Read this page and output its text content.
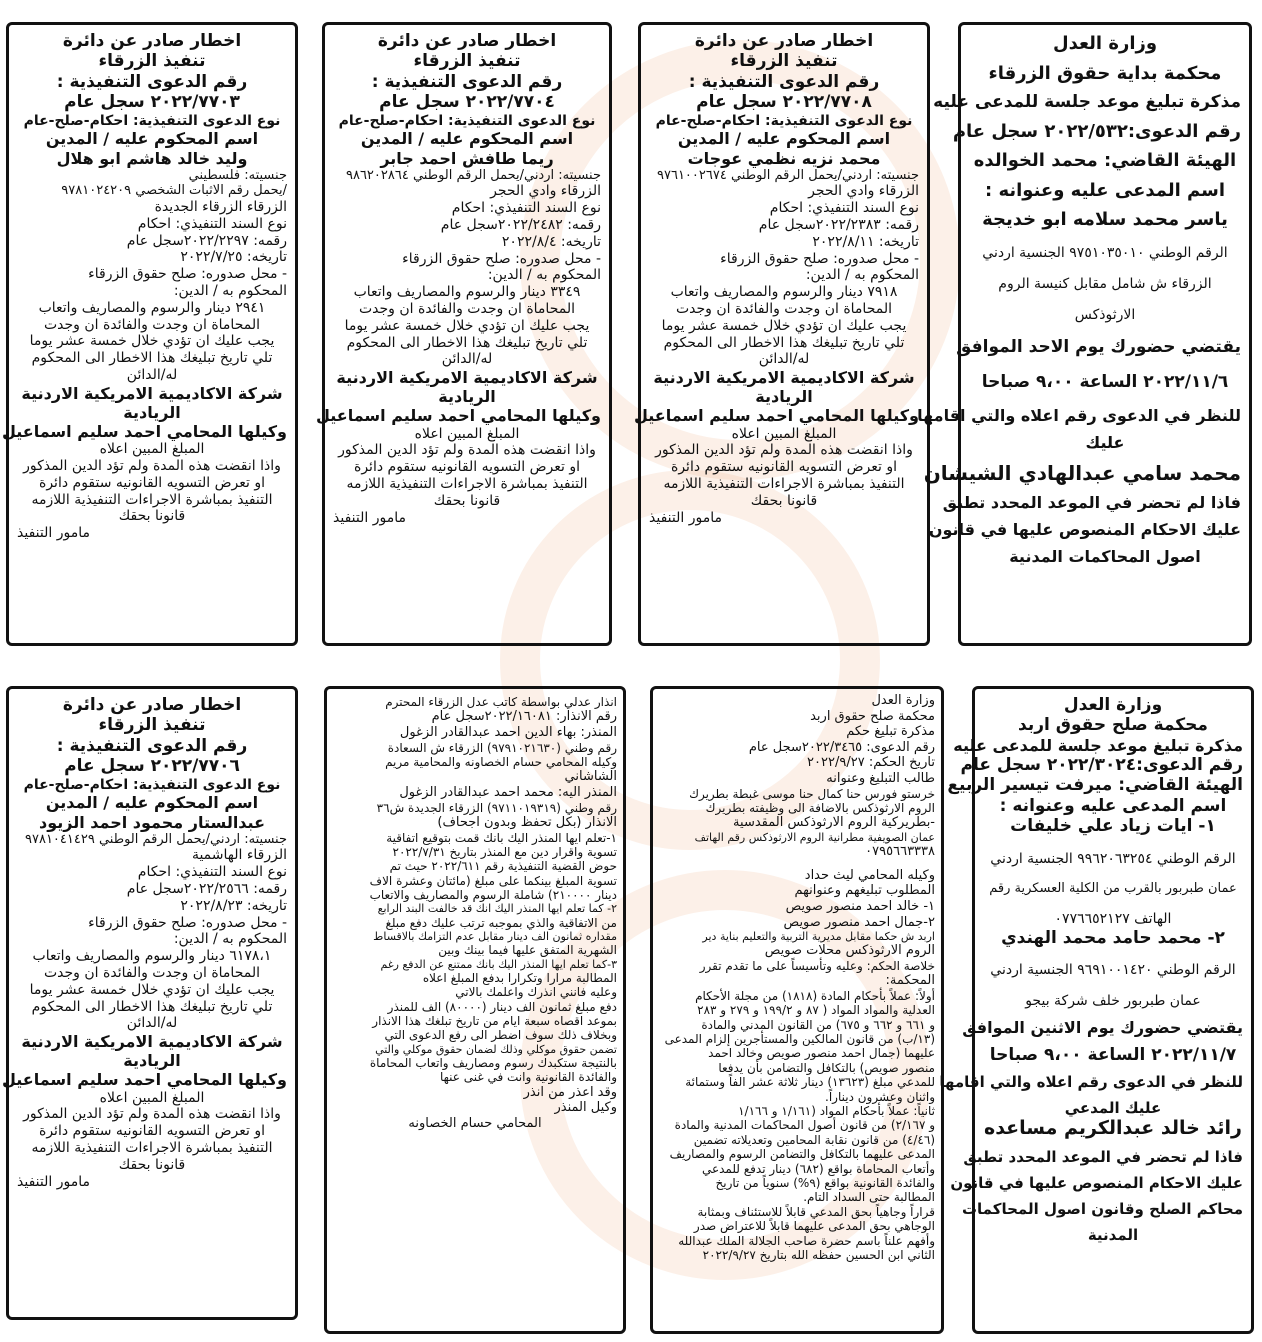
وزارة العدل
محكمة بداية حقوق الزرقاء
مذكرة تبليغ موعد جلسة للمدعى عليه
رقم الدعوى:٢٠٢٢/٥٣٢ سجل عام
الهيئة القاضي: محمد الخوالده
اسم المدعى عليه وعنوانه :
ياسر محمد سلامه ابو خديجة
الرقم الوطني ٩٧٥١٠٣٥٠١٠ الجنسية اردني
الزرقاء ش شامل مقابل كنيسة الروم
الارثوذكس
يقتضي حضورك يوم الاحد الموافق
٢٠٢٢/١١/٦ الساعة ٩،٠٠ صباحا
للنظر في الدعوى رقم اعلاه والتي اقامها
عليك
محمد سامي عبدالهادي الشيشان
فاذا لم تحضر في الموعد المحدد تطبق
عليك الاحكام المنصوص عليها في قانون
اصول المحاكمات المدنية
اخطار صادر عن دائرة
تنفيذ الزرقاء
رقم الدعوى التنفيذية :
٢٠٢٢/٧٧٠٨ سجل عام
نوع الدعوى التنفيذية: احكام-صلح-عام
اسم المحكوم عليه / المدين
محمد نزيه نظمي عوجات
جنسيته: اردني/يحمل الرقم الوطني ٩٧٦١٠٠٢٦٧٤
الزرقاء وادي الحجر
نوع السند التنفيذي: احكام
رقمه: ٢٠٢٢/٢٣٨٣سجل عام
تاريخه: ٢٠٢٢/٨/١١
- محل صدوره: صلح حقوق الزرقاء
المحكوم به / الدين:
٧٩١٨ دينار والرسوم والمصاريف واتعاب
المحاماة ان وجدت والفائدة ان وجدت
يجب عليك ان تؤدي خلال خمسة عشر يوما
تلي تاريخ تبليغك هذا الاخطار الى المحكوم
له/الدائن
شركة الاكاديمية الامريكية الاردنية
الريادية
وكيلها المحامي احمد سليم اسماعيل
المبلغ المبين اعلاه
واذا انقضت هذه المدة ولم تؤد الدين المذكور
او تعرض التسويه القانونيه ستقوم دائرة
التنفيذ بمباشرة الاجراءات التنفيذية اللازمه
قانونا بحقك
مامور التنفيذ
اخطار صادر عن دائرة
تنفيذ الزرقاء
رقم الدعوى التنفيذية :
٢٠٢٢/٧٧٠٤ سجل عام
نوع الدعوى التنفيذية: احكام-صلح-عام
اسم المحكوم عليه / المدين
ريما طافش احمد جابر
جنسيته: اردني/يحمل الرقم الوطني ٩٨٦٢٠٢٨٦٤
الزرقاء وادي الحجر
نوع السند التنفيذي: احكام
رقمه: ٢٠٢٢/٢٤٨٢سجل عام
تاريخه: ٢٠٢٢/٨/٤
- محل صدوره: صلح حقوق الزرقاء
المحكوم به / الدين:
٣٣٤٩ دينار والرسوم والمصاريف واتعاب
المحاماة ان وجدت والفائدة ان وجدت
يجب عليك ان تؤدي خلال خمسة عشر يوما
تلي تاريخ تبليغك هذا الاخطار الى المحكوم
له/الدائن
شركة الاكاديمية الامريكية الاردنية
الريادية
وكيلها المحامي احمد سليم اسماعيل
المبلغ المبين اعلاه
واذا انقضت هذه المدة ولم تؤد الدين المذكور
او تعرض التسويه القانونيه ستقوم دائرة
التنفيذ بمباشرة الاجراءات التنفيذية اللازمه
قانونا بحقك
مامور التنفيذ
اخطار صادر عن دائرة
تنفيذ الزرقاء
رقم الدعوى التنفيذية :
٢٠٢٢/٧٧٠٣ سجل عام
نوع الدعوى التنفيذية: احكام-صلح-عام
اسم المحكوم عليه / المدين
وليد خالد هاشم ابو هلال
جنسيته: فلسطيني
/يحمل رقم الاثبات الشخصي ٩٧٨١٠٢٤٢٠٩
الزرقاء الزرقاء الجديدة
نوع السند التنفيذي: احكام
رقمه: ٢٠٢٢/٢٢٩٧سجل عام
تاريخه: ٢٠٢٢/٧/٢٥
- محل صدوره: صلح حقوق الزرقاء
المحكوم به / الدين:
٢٩٤١ دينار والرسوم والمصاريف واتعاب
المحاماة ان وجدت والفائدة ان وجدت
يجب عليك ان تؤدي خلال خمسة عشر يوما
تلي تاريخ تبليغك هذا الاخطار الى المحكوم
له/الدائن
شركة الاكاديمية الامريكية الاردنية
الريادية
وكيلها المحامي احمد سليم اسماعيل
المبلغ المبين اعلاه
واذا انقضت هذه المدة ولم تؤد الدين المذكور
او تعرض التسويه القانونيه ستقوم دائرة
التنفيذ بمباشرة الاجراءات التنفيذية اللازمه
قانونا بحقك
مامور التنفيذ
وزارة العدل
محكمة صلح حقوق اربد
مذكرة تبليغ موعد جلسة للمدعى عليه
رقم الدعوى:٢٠٢٢/٣٠٢٤ سجل عام
الهيئة القاضي: ميرفت تيسير الربيع
اسم المدعى عليه وعنوانه :
١- ايات زياد علي خليفات
الرقم الوطني ٩٩٦٢٠٦٣٢٥٤ الجنسية اردني
عمان طبربور بالقرب من الكلية العسكرية رقم
الهاتف ٠٧٧٦٦٥٢١٢٧
٢- محمد حامد محمد الهندي
الرقم الوطني ٩٦٩١٠٠١٤٢٠ الجنسية اردني
عمان طبربور خلف شركة بيجو
يقتضي حضورك يوم الاثنين الموافق
٢٠٢٢/١١/٧ الساعة ٩،٠٠ صباحا
للنظر في الدعوى رقم اعلاه والتي اقامها
عليك المدعي
رائد خالد عبدالكريم مساعده
فاذا لم تحضر في الموعد المحدد تطبق
عليك الاحكام المنصوص عليها في قانون
محاكم الصلح وقانون اصول المحاكمات
المدنية
وزارة العدل
محكمة صلح حقوق اربد
مذكرة تبليغ حكم
رقم الدعوى: ٢٠٢٢/٣٤٦٥سجل عام
تاريخ الحكم: ٢٠٢٢/٩/٢٧
طالب التبليغ وعنوانه
خرستو فورس حنا كمال حنا موسى غبطة بطريرك
الروم الارثوذكس بالاضافة الى وظيفته بطريرك
-بطريركية الروم الارثوذكس المقدسية
عمان الصويفية مطرانية الروم الارثوذكس رقم الهاتف
٠٧٩٥٦٦٣٣٣٨
وكيله المحامي ليث حداد
المطلوب تبليغهم وعنوانهم
١- خالد احمد منصور صويص
٢-جمال احمد منصور صويص
اربد ش حكما مقابل مديرية التربية والتعليم بناية دير
الروم الارثوذكس محلات صويص
خلاصة الحكم: وعليه وتأسيساً على ما تقدم تقرر
المحكمة:
أولاً: عملاً بأحكام المادة (١٨١٨) من مجلة الأحكام
العدلية والمواد المواد ( ٨٧ و ١٩٩/٢ و ٢٧٩ و ٢٨٣
و ٦٦١ و ٦٦٢ و ٦٧٥) من القانون المدني والمادة
(١٣/ب) من قانون المالكين والمستأجرين إلزام المدعى
عليهما (جمال احمد منصور صويص وخالد احمد
منصور صويص) بالتكافل والتضامن بأن يدفعا
للمدعي مبلغ (١٣٦٢٣) دينار ثلاثة عشر الفاً وستمائة
واثنان وعشرون ديناراً.
ثانياً: عملاً بأحكام المواد (١/١٦١ و ١/١٦٦
و ٢/١٦٧) من قانون أصول المحاكمات المدنية والمادة
(٤/٤٦) من قانون نقابة المحامين وتعديلاته تضمين
المدعى عليهما بالتكافل والتضامن الرسوم والمصاريف
وأتعاب المحاماة بواقع (٦٨٢) دينار تدفع للمدعي
والفائدة القانونية بواقع (٩%) سنوياً من تاريخ
المطالبة حتى السداد التام.
قراراً وجاهياً بحق المدعي قابلاً للاستئناف وبمثابة
الوجاهي بحق المدعى عليهما قابلاً للاعتراض صدر
وأفهم علناً باسم حضرة صاحب الجلالة الملك عبدالله
الثاني ابن الحسين حفظه الله بتاريخ ٢٠٢٢/٩/٢٧
انذار عدلي بواسطة كاتب عدل الزرقاء المحترم
رقم الانذار: ٢٠٢٢/١٦٠٨١سجل عام
المنذر: بهاء الدين احمد عبدالقادر الزغول
رقم وطني (٩٧٩١٠٢١٦٣٠) الزرقاء ش السعادة
وكيله المحامي حسام الخصاونه والمحامية مريم
الشاشاني
المنذر اليه: محمد احمد عبدالقادر الزغول
رقم وطني (٩٧١١٠١٩٣١٩) الزرقاء الجديدة ش٣٦
الانذار (بكل تحفظ وبدون اجحاف)
١-تعلم ايها المنذر اليك بانك قمت بتوقيع اتفاقية
تسوية واقرار دين مع المنذر بتاريخ ٢٠٢٢/٧/٣١
حوض القضية التنفيذية رقم ٢٠٢٢/٦١١ حيث تم
تسوية المبلغ بينكما على مبلغ (مائتان وعشرة الاف
دينار ٢١٠٠٠٠) شاملة الرسوم والمصاريف والاتعاب
٢- كما تعلم ايها المنذر اليك انك قد خالفت البند الرابع
من الاتفاقية والذي بموجبه ترتب عليك دفع مبلغ
مقداره ثمانون الف دينار مقابل عدم التزامك بالاقساط
الشهرية المتفق عليها فيما بينك وبين
٣-كما تعلم ايها المنذر اليك بانك ممتنع عن الدفع رغم
المطالبة مرارا وتكرارا بدفع المبلغ اعلاه
وعليه فانني انذرك واعلمك بالاتي
دفع مبلغ ثمانون الف دينار (٨٠٠٠٠) الف للمنذر
بموعد اقصاه سبعة ايام من تاريخ تبلغك هذا الانذار
وبخلاف ذلك سوف اضطر الى رفع الدعوى التي
تضمن حقوق موكلي وذلك لضمان حقوق موكلي والتي
بالنتيجة ستكبدك رسوم ومصاريف واتعاب المحاماة
والفائدة القانونية وانت في غنى عنها
وقد اعذر من انذر
وكيل المنذر
المحامي حسام الخصاونه
اخطار صادر عن دائرة
تنفيذ الزرقاء
رقم الدعوى التنفيذية :
٢٠٢٢/٧٧٠٦ سجل عام
نوع الدعوى التنفيذية: احكام-صلح-عام
اسم المحكوم عليه / المدين
عبدالستار محمود احمد الزيود
جنسيته: اردني/يحمل الرقم الوطني ٩٧٨١٠٤١٤٢٩
الزرقاء الهاشمية
نوع السند التنفيذي: احكام
رقمه: ٢٠٢٢/٢٥٦٦سجل عام
تاريخه: ٢٠٢٢/٨/٢٣
- محل صدوره: صلح حقوق الزرقاء
المحكوم به / الدين:
٦١٧٨،١ دينار والرسوم والمصاريف واتعاب
المحاماة ان وجدت والفائدة ان وجدت
يجب عليك ان تؤدي خلال خمسة عشر يوما
تلي تاريخ تبليغك هذا الاخطار الى المحكوم
له/الدائن
شركة الاكاديمية الامريكية الاردنية
الريادية
وكيلها المحامي احمد سليم اسماعيل
المبلغ المبين اعلاه
واذا انقضت هذه المدة ولم تؤد الدين المذكور
او تعرض التسويه القانونيه ستقوم دائرة
التنفيذ بمباشرة الاجراءات التنفيذية اللازمه
قانونا بحقك
مامور التنفيذ
